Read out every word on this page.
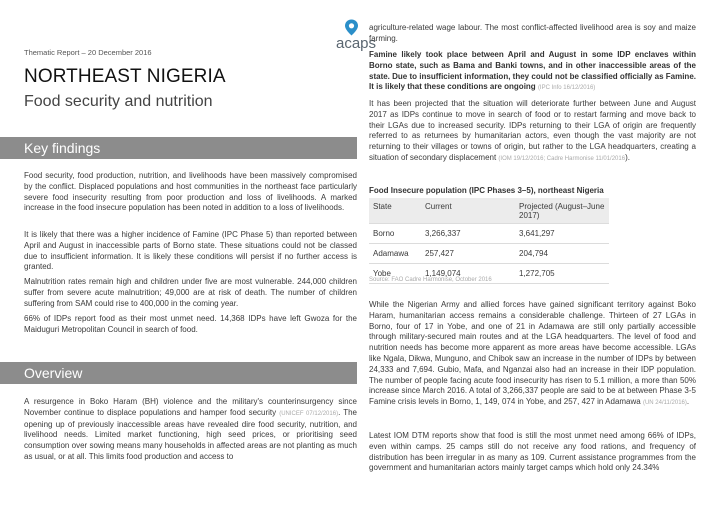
Thematic Report – 20 December 2016
NORTHEAST NIGERIA
Food security and nutrition
Key findings

Food security, food production, nutrition, and livelihoods have been massively compromised by the conflict. Displaced populations and host communities in the northeast face particularly severe food insecurity resulting from poor production and loss of livelihoods. A marked increase in the food insecure population has been noted in addition to a loss of livelihoods.

It is likely that there was a higher incidence of Famine (IPC Phase 5) than reported between April and August in inaccessible parts of Borno state. These situations could not be classed due to insufficient information. It is likely these conditions will persist if no further access is granted.

Malnutrition rates remain high and children under five are most vulnerable. 244,000 children suffer from severe acute malnutrition; 49,000 are at risk of death. The number of children suffering from SAM could rise to 400,000 in the coming year.

66% of IDPs report food as their most unmet need. 14,368 IDPs have left Gwoza for the Maiduguri Metropolitan Council in search of food.

Overview

A resurgence in Boko Haram (BH) violence and the military's counterinsurgency since November continue to displace populations and hamper food security (UNICEF 07/12/2016). The opening up of previously inaccessible areas have revealed dire food security, nutrition, and livelihood needs. Limited market functioning, high seed prices, or prioritising seed consumption over sowing means many households in affected areas are not planting as much as usual, or at all. This limits food production and access to

acaps

agriculture-related wage labour. The most conflict-affected livelihood area is soy and maize farming.

Famine likely took place between April and August in some IDP enclaves within Borno state, such as Bama and Banki towns, and in other inaccessible areas of the state. Due to insufficient information, they could not be classified officially as Famine. It is likely that these conditions are ongoing (IPC Info 16/12/2016)

It has been projected that the situation will deteriorate further between June and August 2017 as IDPs continue to move in search of food or to restart farming and move back to their LGAs due to increased security. IDPs returning to their LGA of origin are frequently referred to as returnees by humanitarian actors, even though the vast majority are not returning to their villages or towns of origin, but rather to the LGA headquarters, creating a situation of secondary displacement (IOM 19/12/2016; Cadre Harmonise 11/01/2016).

Food Insecure population (IPC Phases 3–5), northeast Nigeria
State	Current	Projected (August–June 2017)
Borno	3,266,337	3,641,297
Adamawa	257,427	204,794
Yobe	1,149,074	1,272,705
Source: FAO Cadre Harmonise, October 2016

While the Nigerian Army and allied forces have gained significant territory against Boko Haram, humanitarian access remains a considerable challenge. Thirteen of 27 LGAs in Borno, four of 17 in Yobe, and one of 21 in Adamawa are still only partially accessible through military-secured main routes and at the LGA headquarters. The level of food and nutrition needs has become more apparent as more areas have become accessible. LGAs like Ngala, Dikwa, Munguno, and Chibok saw an increase in the number of IDPs by between 24,333 and 7,694. Gubio, Mafa, and Nganzai also had an increase in their IDP population. The number of people facing acute food insecurity has risen to 5.1 million, a more than 50% increase since March 2016. A total of 3,266,337 people are said to be at between Phase 3-5 Famine crisis levels in Borno, 1, 149, 074 in Yobe, and 257, 427 in Adamawa (UN 24/11/2016).

Latest IOM DTM reports show that food is still the most unmet need among 66% of IDPs, even within camps. 25 camps still do not receive any food rations, and frequency of distribution has been irregular in as many as 109. Current assistance programmes from the government and humanitarian actors mainly target camps which hold only 24.34%
